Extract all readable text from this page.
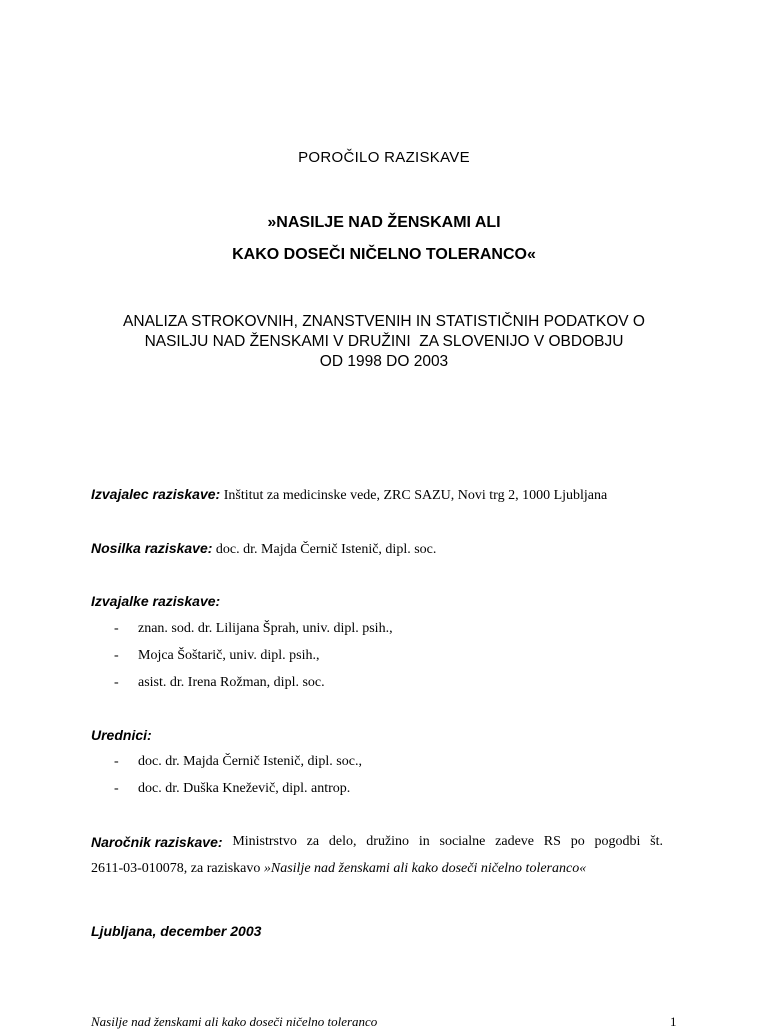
POROČILO RAZISKAVE
»NASILJE NAD ŽENSKAMI ALI
KAKO DOSEČI NIČELNO TOLERANCO«
ANALIZA STROKOVNIH, ZNANSTVENIH IN STATISTIČNIH PODATKOV O
NASILJU NAD ŽENSKAMI V DRUŽINI  ZA SLOVENIJO V OBDOBJU
OD 1998 DO 2003
Izvajalec raziskave: Inštitut za medicinske vede, ZRC SAZU, Novi trg 2, 1000 Ljubljana
Nosilka raziskave: doc. dr. Majda Černič Istenič, dipl. soc.
Izvajalke raziskave:
- znan. sod. dr. Lilijana Šprah, univ. dipl. psih.,
- Mojca Šoštarič, univ. dipl. psih.,
- asist. dr. Irena Rožman, dipl. soc.
Urednici:
- doc. dr. Majda Černič Istenič, dipl. soc.,
- doc. dr. Duška Kneževič, dipl. antrop.
Naročnik raziskave: Ministrstvo za delo, družino in socialne zadeve RS po pogodbi št.
2611-03-010078, za raziskavo »Nasilje nad ženskami ali kako doseči ničelno toleranco«
Ljubljana, december 2003
Nasilje nad ženskami ali kako doseči ničelno toleranco	1
